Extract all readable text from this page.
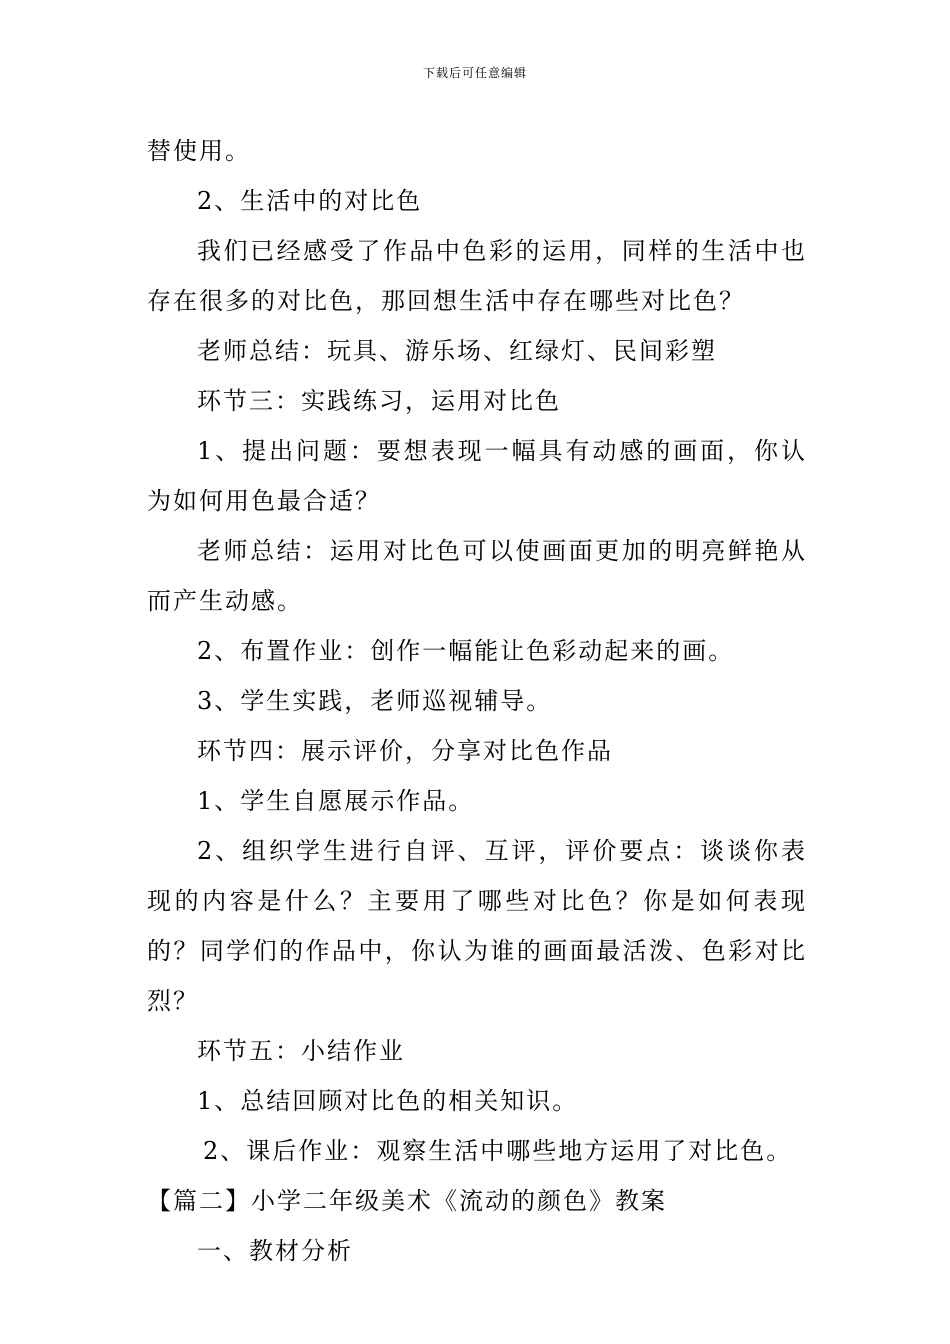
下载后可任意编辑

替使用。

2、生活中的对比色

我们已经感受了作品中色彩的运用，同样的生活中也存在很多的对比色，那回想生活中存在哪些对比色？

老师总结：玩具、游乐场、红绿灯、民间彩塑

环节三：实践练习，运用对比色

1、提出问题：要想表现一幅具有动感的画面，你认为如何用色最合适？

老师总结：运用对比色可以使画面更加的明亮鲜艳从而产生动感。

2、布置作业：创作一幅能让色彩动起来的画。

3、学生实践，老师巡视辅导。

环节四：展示评价，分享对比色作品

1、学生自愿展示作品。

2、组织学生进行自评、互评，评价要点：谈谈你表现的内容是什么？主要用了哪些对比色？你是如何表现的？同学们的作品中，你认为谁的画面最活泼、色彩对比烈？

环节五：小结作业

1、总结回顾对比色的相关知识。

2、课后作业：观察生活中哪些地方运用了对比色。

【篇二】小学二年级美术《流动的颜色》教案

一、教材分析
